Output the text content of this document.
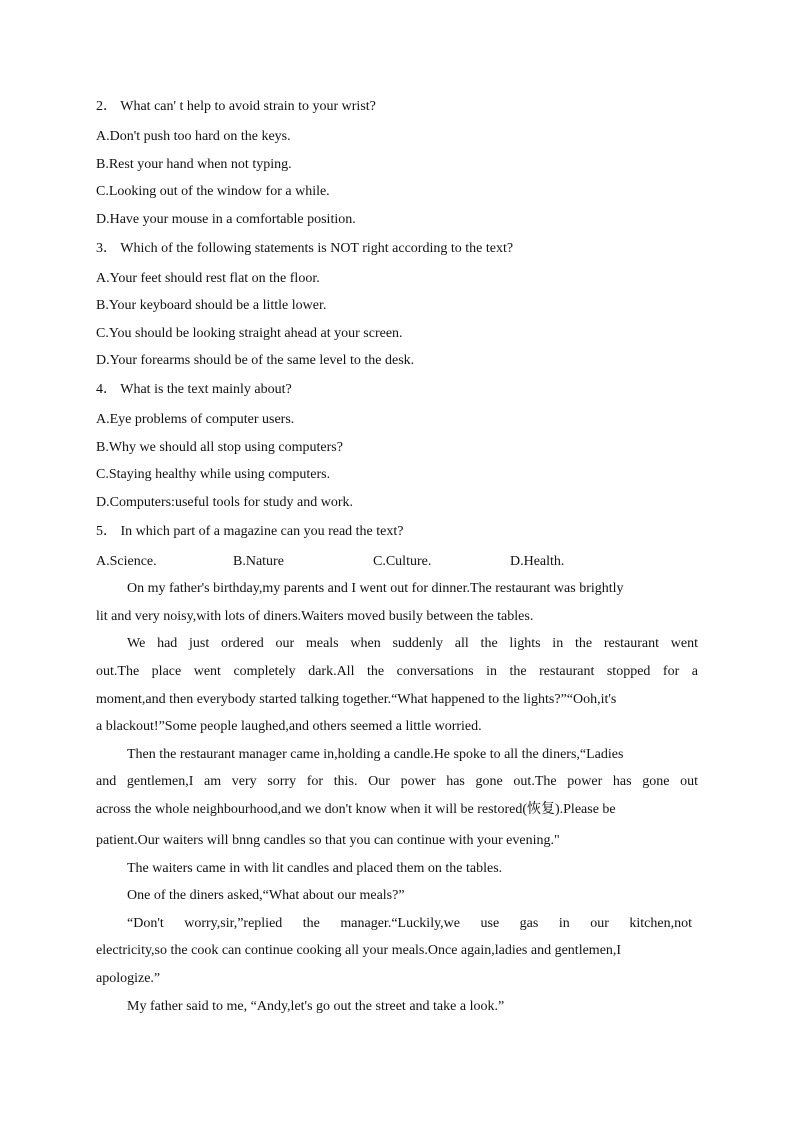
2． What can' t help to avoid strain to your wrist?

A.Don't push too hard on the keys.

B.Rest your hand when not typing.

C.Looking out of the window for a while.

D.Have your mouse in a comfortable position.

3． Which of the following statements is NOT right according to the text?

A.Your feet should rest flat on the floor.

B.Your keyboard should be a little lower.

C.You should be looking straight ahead at your screen.

D.Your forearms should be of the same level to the desk.

4． What is the text mainly about?

A.Eye problems of computer users.

B.Why we should all stop using computers?

C.Staying healthy while using computers.

D.Computers:useful tools for study and work.

5． In which part of a magazine can you read the text?

A.Science.	B.Nature	C.Culture.	D.Health.

On my father's birthday,my parents and I went out for dinner.The restaurant was brightly

lit and very noisy,with lots of diners.Waiters moved busily between the tables.

We had just ordered our meals when suddenly all the lights in the restaurant went

out.The place went completely dark.All the conversations in the restaurant stopped for a

moment,and then everybody started talking together.“What happened to the lights?”“Ooh,it's

a blackout!”Some people laughed,and others seemed a little worried.

Then the restaurant manager came in,holding a candle.He spoke to all the diners,“Ladies

and gentlemen,I am very sorry for this. Our power has gone out.The power has gone out

across the whole neighbourhood,and we don't know when it will be restored(恢复).Please be

patient.Our waiters will bnng candles so that you can continue with your evening."

The waiters came in with lit candles and placed them on the tables.

One of the diners asked,“What about our meals?”

“Don't worry,sir,”replied the manager.“Luckily,we use gas in our kitchen,not

electricity,so the cook can continue cooking all your meals.Once again,ladies and gentlemen,I

apologize.”

My father said to me, “Andy,let's go out the street and take a look.”
